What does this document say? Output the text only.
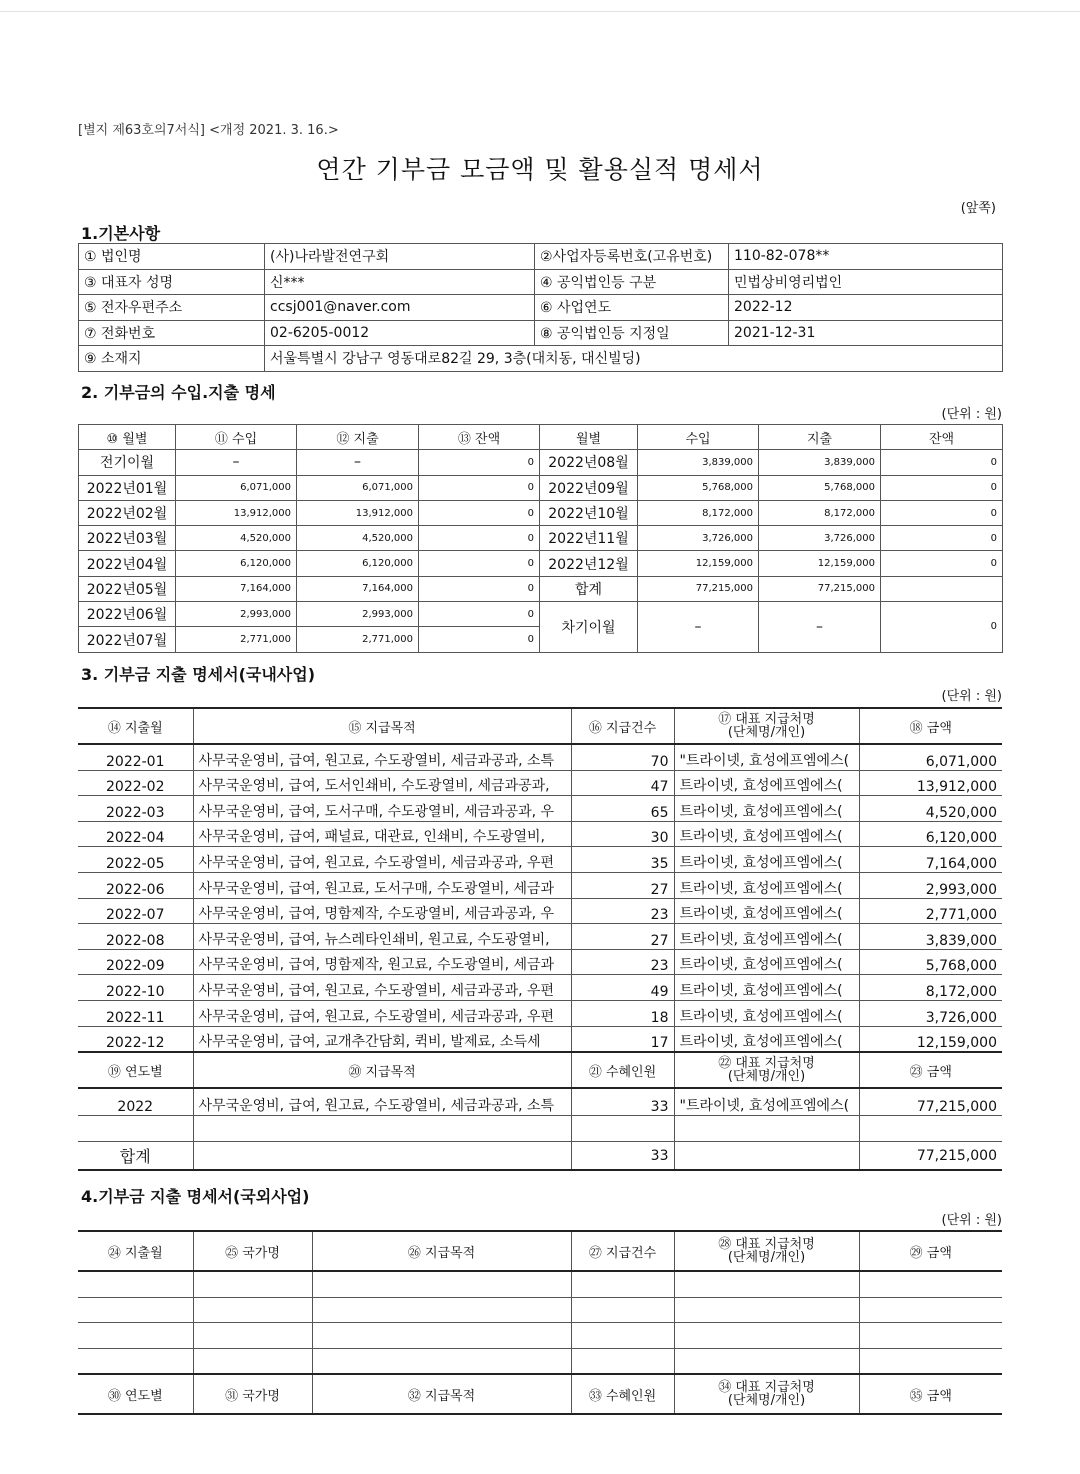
[별지 제63호의7서식] <개정 2021. 3. 16.>
연간 기부금 모금액 및 활용실적 명세서
(앞쪽)
1.기본사항
① 법인명	(사)나라발전연구회	②사업자등록번호(고유번호)	110-82-078**
③ 대표자 성명	신***	④ 공익법인등 구분	민법상비영리법인
⑤ 전자우편주소	ccsj001@naver.com	⑥ 사업연도	2022-12
⑦ 전화번호	02-6205-0012	⑧ 공익법인등 지정일	2021-12-31
⑨ 소재지	서울특별시 강남구 영동대로82길 29, 3층(대치동, 대신빌딩)		
2. 기부금의 수입.지출 명세
(단위 : 원)
⑩ 월별	⑪ 수입	⑫ 지출	⑬ 잔액	월별	수입	지출	잔액
전기이월	–	–	0	2022년08월	3,839,000	3,839,000	0
2022년01월	6,071,000	6,071,000	0	2022년09월	5,768,000	5,768,000	0
2022년02월	13,912,000	13,912,000	0	2022년10월	8,172,000	8,172,000	0
2022년03월	4,520,000	4,520,000	0	2022년11월	3,726,000	3,726,000	0
2022년04월	6,120,000	6,120,000	0	2022년12월	12,159,000	12,159,000	0
2022년05월	7,164,000	7,164,000	0	합계	77,215,000	77,215,000	
2022년06월	2,993,000	2,993,000	0	차기이월	–	–	0
2022년07월	2,771,000	2,771,000	0				
3. 기부금 지출 명세서(국내사업)
(단위 : 원)
⑭ 지출월	⑮ 지급목적	⑯ 지급건수	⑰ 대표 지급처명
(단체명/개인)	⑱ 금액
2022-01	사무국운영비, 급여, 원고료, 수도광열비, 세금과공과, 소특	70	"트라이넷, 효성에프엠에스(	6,071,000
2022-02	사무국운영비, 급여, 도서인쇄비, 수도광열비, 세금과공과,	47	트라이넷, 효성에프엠에스(	13,912,000
2022-03	사무국운영비, 급여, 도서구매, 수도광열비, 세금과공과, 우	65	트라이넷, 효성에프엠에스(	4,520,000
2022-04	사무국운영비, 급여, 패널료, 대관료, 인쇄비, 수도광열비,	30	트라이넷, 효성에프엠에스(	6,120,000
2022-05	사무국운영비, 급여, 원고료, 수도광열비, 세금과공과, 우편	35	트라이넷, 효성에프엠에스(	7,164,000
2022-06	사무국운영비, 급여, 원고료, 도서구매, 수도광열비, 세금과	27	트라이넷, 효성에프엠에스(	2,993,000
2022-07	사무국운영비, 급여, 명함제작, 수도광열비, 세금과공과, 우	23	트라이넷, 효성에프엠에스(	2,771,000
2022-08	사무국운영비, 급여, 뉴스레타인쇄비, 원고료, 수도광열비,	27	트라이넷, 효성에프엠에스(	3,839,000
2022-09	사무국운영비, 급여, 명함제작, 원고료, 수도광열비, 세금과	23	트라이넷, 효성에프엠에스(	5,768,000
2022-10	사무국운영비, 급여, 원고료, 수도광열비, 세금과공과, 우편	49	트라이넷, 효성에프엠에스(	8,172,000
2022-11	사무국운영비, 급여, 원고료, 수도광열비, 세금과공과, 우편	18	트라이넷, 효성에프엠에스(	3,726,000
2022-12	사무국운영비, 급여, 교개추간담회, 퀵비, 발제료, 소득세	17	트라이넷, 효성에프엠에스(	12,159,000
⑲ 연도별	⑳ 지급목적	㉑ 수혜인원	㉒ 대표 지급처명
(단체명/개인)	㉓ 금액
2022	사무국운영비, 급여, 원고료, 수도광열비, 세금과공과, 소특	33	"트라이넷, 효성에프엠에스(	77,215,000

합계		33		77,215,000
4.기부금 지출 명세서(국외사업)
(단위 : 원)
㉔ 지출월	㉕ 국가명	㉖ 지급목적	㉗ 지급건수	㉘ 대표 지급처명
(단체명/개인)	㉙ 금액

㉚ 연도별	㉛ 국가명	㉜ 지급목적	㉝ 수혜인원	㉞ 대표 지급처명
(단체명/개인)	㉟ 금액
